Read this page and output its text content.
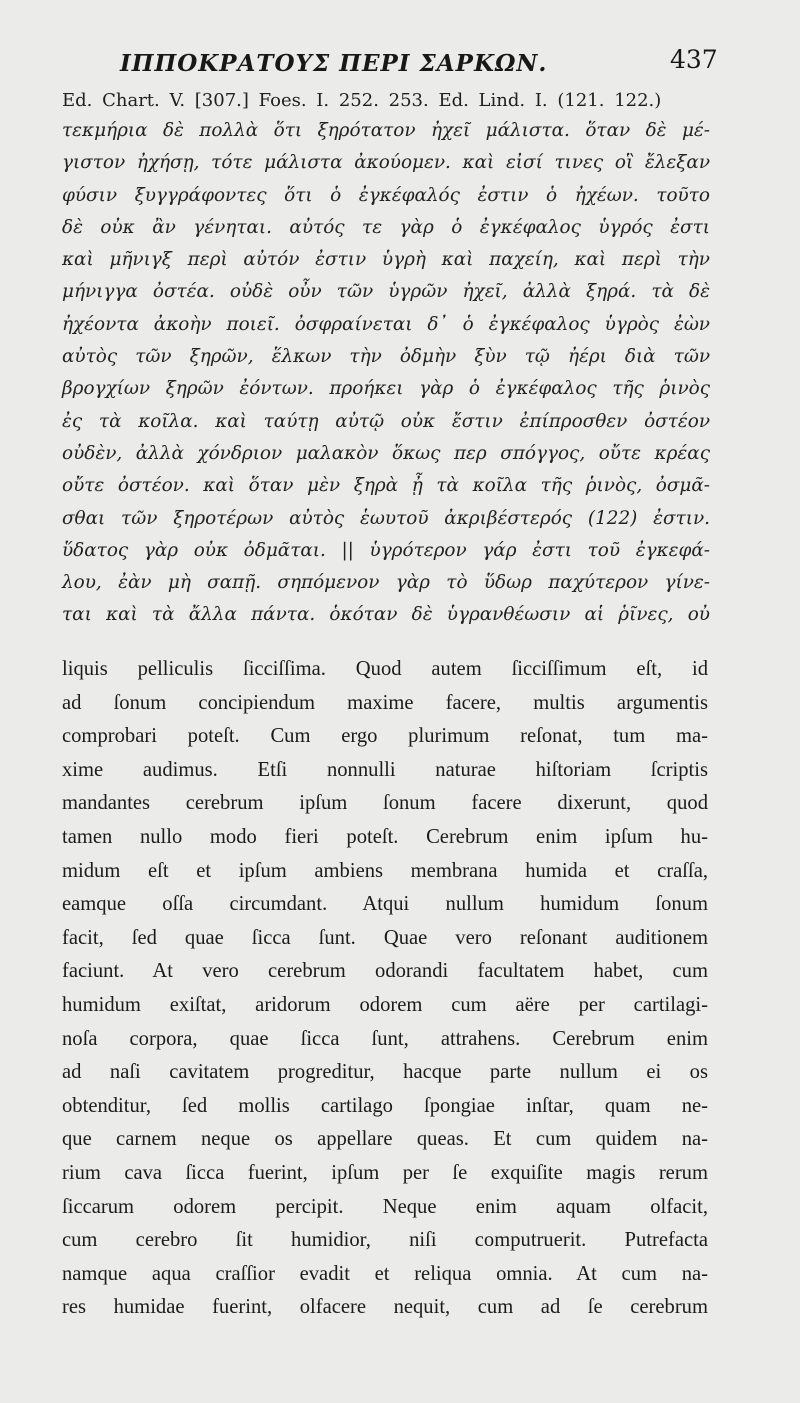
ΙΠΠΟΚΡΑΤΟΥΣ ΠΕΡΙ ΣΑΡΚΩΝ.	437
Ed. Chart. V. [307.] Foes. I. 252. 253. Ed. Lind. I. (121. 122.)
τεκμήρια δὲ πολλὰ ὅτι ξηρότατον ἠχεῖ μάλιστα. ὅταν δὲ μέ-
γιστον ἠχήσῃ, τότε μάλιστα ἀκούομεν. καὶ εἰσί τινες οἳ ἔλεξαν
φύσιν ξυγγράφοντες ὅτι ὁ ἐγκέφαλός ἐστιν ὁ ἠχέων. τοῦτο
δὲ οὐκ ἂν γένηται. αὐτός τε γὰρ ὁ ἐγκέφαλος ὑγρός ἐστι
καὶ μῆνιγξ περὶ αὐτόν ἐστιν ὑγρὴ καὶ παχείη, καὶ περὶ τὴν
μήνιγγα ὀστέα. οὐδὲ οὖν τῶν ὑγρῶν ἠχεῖ, ἀλλὰ ξηρά. τὰ δὲ
ἠχέοντα ἀκοὴν ποιεῖ. ὀσφραίνεται δ᾽ ὁ ἐγκέφαλος ὑγρὸς ἐὼν
αὐτὸς τῶν ξηρῶν, ἕλκων τὴν ὀδμὴν ξὺν τῷ ἠέρι διὰ τῶν
βρογχίων ξηρῶν ἐόντων. προήκει γὰρ ὁ ἐγκέφαλος τῆς ῥινὸς
ἐς τὰ κοῖλα. καὶ ταύτῃ αὐτῷ οὐκ ἔστιν ἐπίπροσθεν ὀστέον
οὐδὲν, ἀλλὰ χόνδριον μαλακὸν ὅκως περ σπόγγος, οὔτε κρέας
οὔτε ὀστέον. καὶ ὅταν μὲν ξηρὰ ᾖ τὰ κοῖλα τῆς ῥινὸς, ὀσμᾶ-
σθαι τῶν ξηροτέρων αὐτὸς ἑωυτοῦ ἀκριβέστερός (122) ἐστιν.
ὕδατος γὰρ οὐκ ὀδμᾶται. || ὑγρότερον γάρ ἐστι τοῦ ἐγκεφά-
λου, ἐὰν μὴ σαπῇ. σηπόμενον γὰρ τὸ ὕδωρ παχύτερον γίνε-
ται καὶ τὰ ἄλλα πάντα. ὁκόταν δὲ ὑγρανθέωσιν αἱ ῥῖνες, οὐ
liquis pelliculis ſicciſſima. Quod autem ſicciſſimum eſt, id
ad ſonum concipiendum maxime facere, multis argumentis
comprobari poteſt. Cum ergo plurimum reſonat, tum ma-
xime audimus. Etſi nonnulli naturae hiſtoriam ſcriptis
mandantes cerebrum ipſum ſonum facere dixerunt, quod
tamen nullo modo fieri poteſt. Cerebrum enim ipſum hu-
midum eſt et ipſum ambiens membrana humida et craſſa,
eamque oſſa circumdant. Atqui nullum humidum ſonum
facit, ſed quae ſicca ſunt. Quae vero reſonant auditionem
faciunt. At vero cerebrum odorandi facultatem habet, cum
humidum exiſtat, aridorum odorem cum aëre per cartilagi-
noſa corpora, quae ſicca ſunt, attrahens. Cerebrum enim
ad naſi cavitatem progreditur, hacque parte nullum ei os
obtenditur, ſed mollis cartilago ſpongiae inſtar, quam ne-
que carnem neque os appellare queas. Et cum quidem na-
rium cava ſicca fuerint, ipſum per ſe exquiſite magis rerum
ſiccarum odorem percipit. Neque enim aquam olfacit,
cum cerebro ſit humidior, niſi computruerit. Putrefacta
namque aqua craſſior evadit et reliqua omnia. At cum na-
res humidae fuerint, olfacere nequit, cum ad ſe cerebrum
